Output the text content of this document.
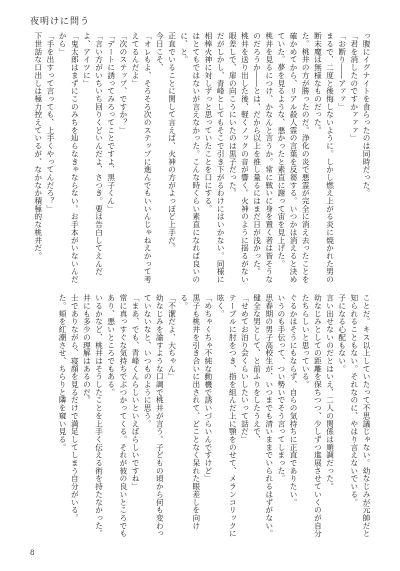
夜明けに問う

っ腹にイグナイトを食らったのは同時だった。

「君を消したのですかァァァ」

「お断り――アァァ」

まるで、二度と後悔しないように。しかし燃え上がる炎に焼かれた男の断末魔は無様なものだった。

た。桃井の方が勝ったのだ。浄化の炎で悪霊が完全に消え去ったことを確かめてから、リアル殺人霊の言葉を反芻する。いつかは消えると決めていた。夢を見るような、悪かったと素直に謝って宙を見上げた。

桃井を見るにつけ、かなんと言うか。常に戦いに身を置く者は皆そうなのだろうか――とは、だから以上を推し量るにはまだ日が浅かった。

桃井を送り出した後、軽くノックの音が響く。火神のように揺るがない眼差しで、扉の向こうにいたのは黒子だった。

だがしかし、青峰としてもそこで引き下がるわけにはいかない。同様に相棒火神に対しずっと思っていたことを口にする。

はとてもではないが言えなかった。こんな時くらい素直になれば良いのに、と。

正直でいることに関して言えば、火神の方がよっぽど上手だ。

今日こそ、

「オレもよ、そろそろ次のステップに進んでもいいんじゃねえかって考えてるんだよ」

「次のステップ、ですか？」

「デートに誘ってみろってことですよ、黒子くん」

「言い方がいちいち回りくどいんだよ、さつき。要は告白してえんだよ、アイツに」

「鬼太郎はまずにこのみちを辿らなきゃならない。お手本がいないんだから」

「手を出すって言っても、上手くやってんだろ？」

下世話な口出しは極力控えているが、なかなか積極的な桃井だ。

ことだ。キス以上していたって不思議じゃない。幼なじみが元帥だと知られることもない。それなのに、やはり言えないでいる。

子になる心配もない。

言い出せないのだとはいえ、二人の関係は順調だった。

幼なじみとしての距離を保ちつつ、少しずつ進展させていくのが自分たちらしいと思っている。

ぐるかはそうにもならず、自らの気持ちに正直でありたい。

いうのも手伝って、つい勢いでそう言ってしまった。

思春期の男子高校生が、いつまでも清いままでいられるはずがない。

健全な男として、と前ふりをしたうえで、

「せめてお泊り会くらいしたいって話だ」

テーブルに肘をつき、指を組んだ上に顎をのせて、メランコリックに呟く。

「めちゃくちゃ不純な動機で誘いづらいんですけど」

黒子も桃井を引き合いに出されて、どことなく呆れた眼差しを向ける。

「不潔だよ、大ちゃん」

幼なじみを諭すような口調で桃井が言う。子どもの頃から何も変わっていないなと、いつものように思う。

「まあ、でも、青峰くんらしいといえばらしいですね」

常に真っすぐな気持ちでぶつかってくる。それが彼の良いところでもあり、悪いところでもある。

いるかなど、桃井はそうしたことを上手く伝える術を持たなかった。

井にも多少の理解はあるのだ。

士でありながら、寝顔を見るだけで満足してしまう自分がいる。

た。頬を紅潮させ、ちらりと隣を窺い見る。

8
